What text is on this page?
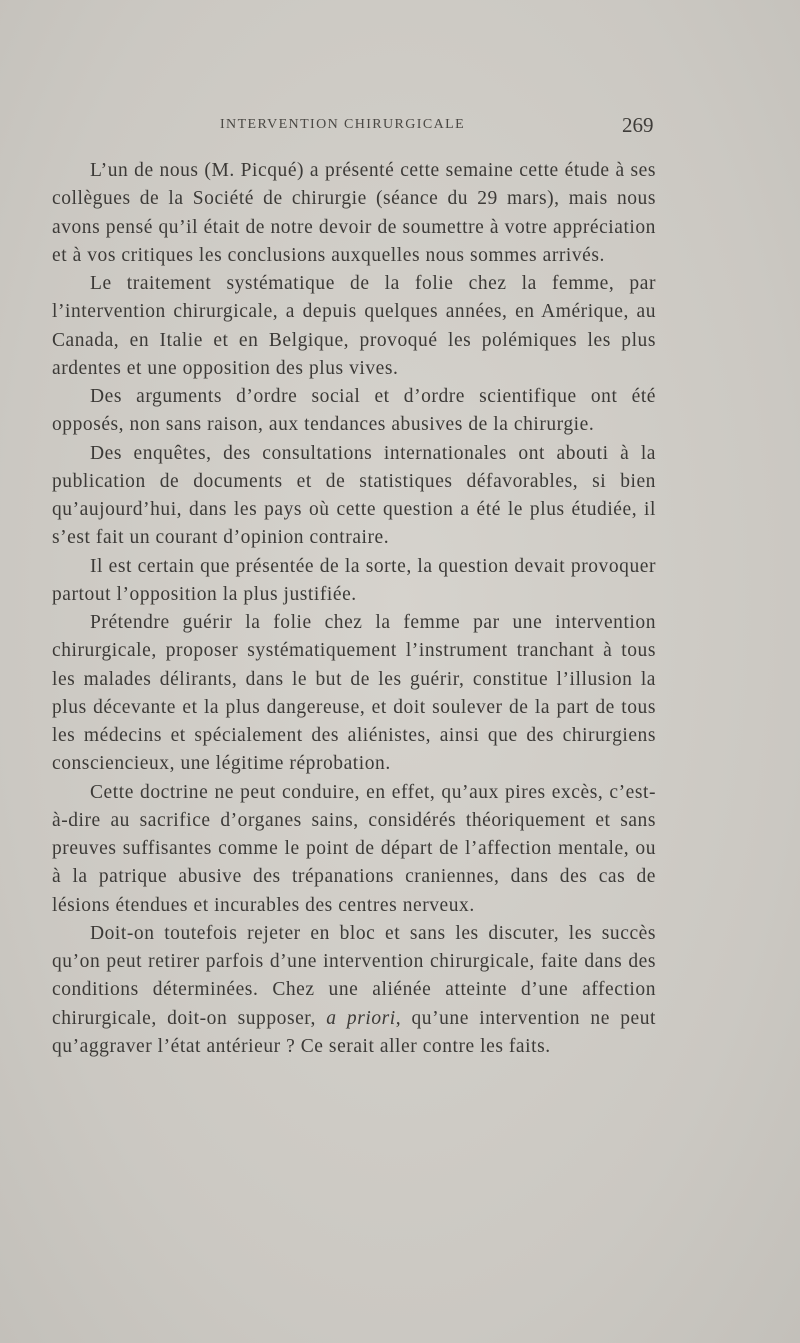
INTERVENTION CHIRURGICALE	269

L’un de nous (M. Picqué) a présenté cette semaine cette étude à ses collègues de la Société de chirurgie (séance du 29 mars), mais nous avons pensé qu’il était de notre devoir de soumettre à votre appréciation et à vos critiques les conclusions auxquelles nous sommes arrivés.

Le traitement systématique de la folie chez la femme, par l’intervention chirurgicale, a depuis quelques années, en Amérique, au Canada, en Italie et en Belgique, provoqué les polémiques les plus ardentes et une opposition des plus vives.

Des arguments d’ordre social et d’ordre scientifique ont été opposés, non sans raison, aux tendances abusives de la chirurgie.

Des enquêtes, des consultations internationales ont abouti à la publication de documents et de statistiques défavorables, si bien qu’aujourd’hui, dans les pays où cette question a été le plus étudiée, il s’est fait un courant d’opinion contraire.

Il est certain que présentée de la sorte, la question devait provoquer partout l’opposition la plus justifiée.

Prétendre guérir la folie chez la femme par une intervention chirurgicale, proposer systématiquement l’instrument tranchant à tous les malades délirants, dans le but de les guérir, constitue l’illusion la plus décevante et la plus dangereuse, et doit soulever de la part de tous les médecins et spécialement des aliénistes, ainsi que des chirurgiens consciencieux, une légitime réprobation.

Cette doctrine ne peut conduire, en effet, qu’aux pires excès, c’est-à-dire au sacrifice d’organes sains, considérés théoriquement et sans preuves suffisantes comme le point de départ de l’affection mentale, ou à la patrique abusive des trépanations craniennes, dans des cas de lésions étendues et incurables des centres nerveux.

Doit-on toutefois rejeter en bloc et sans les discuter, les succès qu’on peut retirer parfois d’une intervention chirurgicale, faite dans des conditions déterminées. Chez une aliénée atteinte d’une affection chirurgicale, doit-on supposer, a priori, qu’une intervention ne peut qu’aggraver l’état antérieur ? Ce serait aller contre les faits.
